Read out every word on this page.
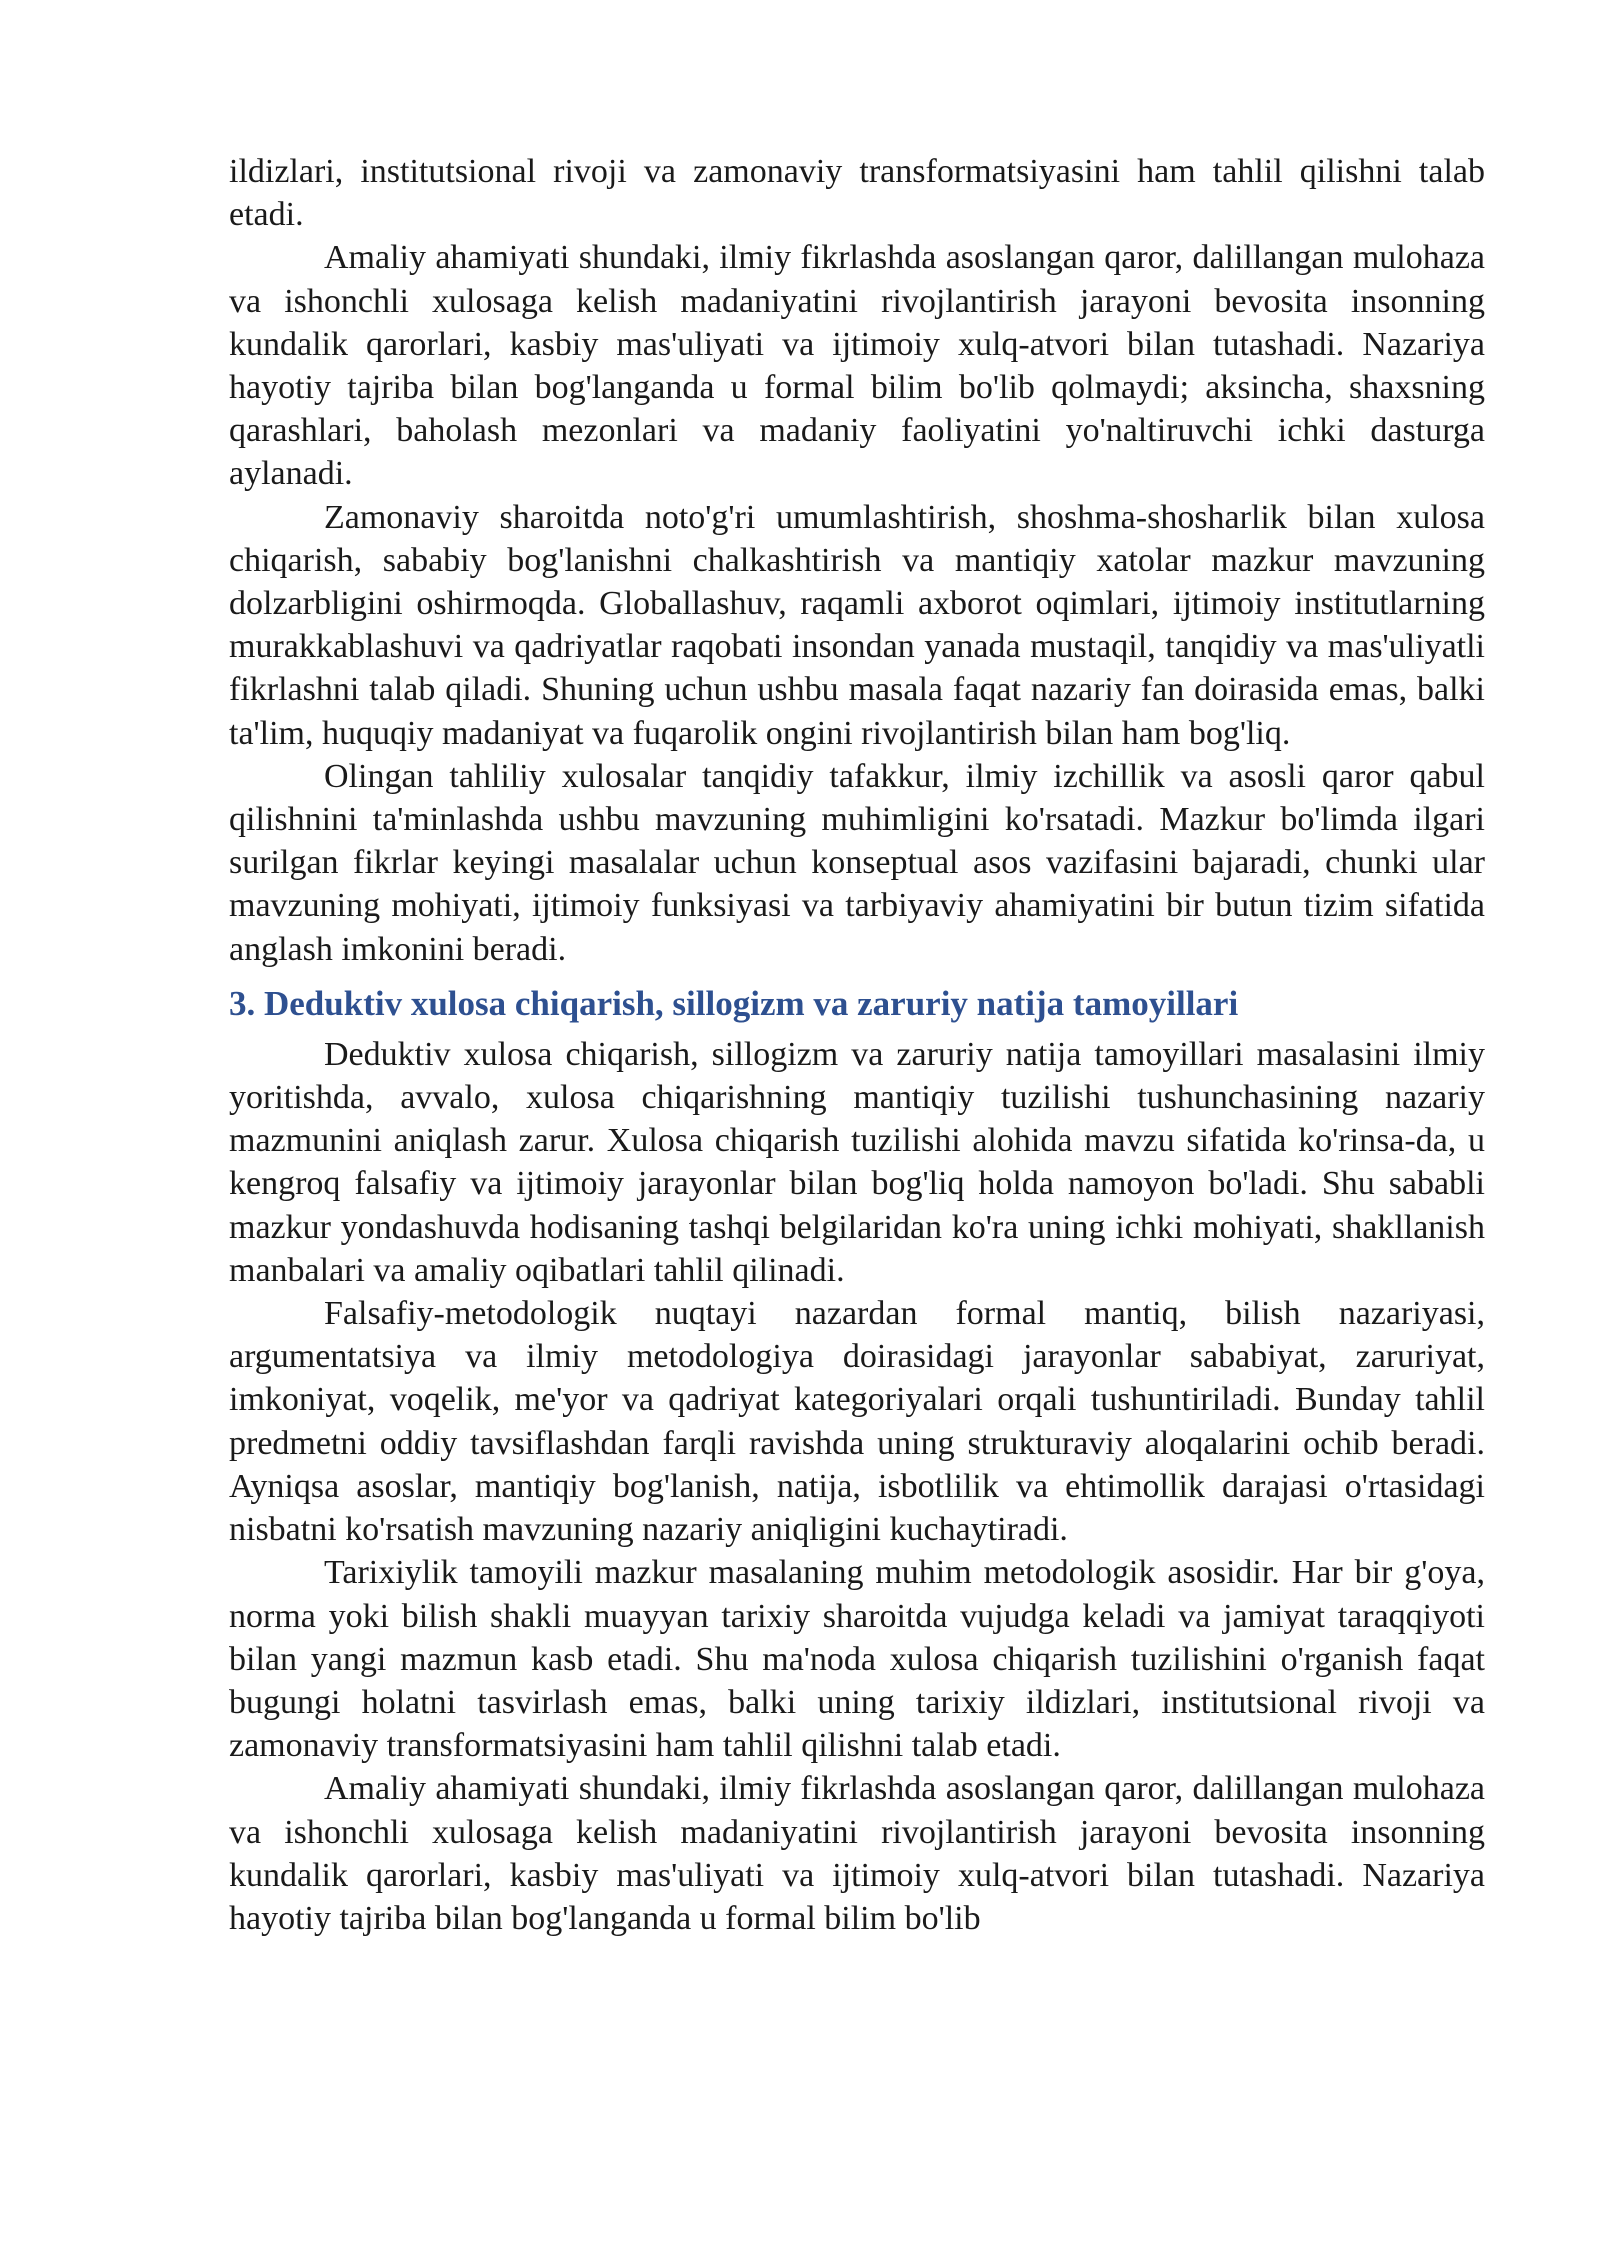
ildizlari, institutsional rivoji va zamonaviy transformatsiyasini ham tahlil qilishni talab etadi.

Amaliy ahamiyati shundaki, ilmiy fikrlashda asoslangan qaror, dalillangan mulohaza va ishonchli xulosaga kelish madaniyatini rivojlantirish jarayoni bevosita insonning kundalik qarorlari, kasbiy mas'uliyati va ijtimoiy xulq-atvori bilan tutashadi. Nazariya hayotiy tajriba bilan bog'langanda u formal bilim bo'lib qolmaydi; aksincha, shaxsning qarashlari, baholash mezonlari va madaniy faoliyatini yo'naltiruvchi ichki dasturga aylanadi.

Zamonaviy sharoitda noto'g'ri umumlashtirish, shoshma-shosharlik bilan xulosa chiqarish, sababiy bog'lanishni chalkashtirish va mantiqiy xatolar mazkur mavzuning dolzarbligini oshirmoqda. Globallashuv, raqamli axborot oqimlari, ijtimoiy institutlarning murakkablashuvi va qadriyatlar raqobati insondan yanada mustaqil, tanqidiy va mas'uliyatli fikrlashni talab qiladi. Shuning uchun ushbu masala faqat nazariy fan doirasida emas, balki ta'lim, huquqiy madaniyat va fuqarolik ongini rivojlantirish bilan ham bog'liq.

Olingan tahliliy xulosalar tanqidiy tafakkur, ilmiy izchillik va asosli qaror qabul qilishnini ta'minlashda ushbu mavzuning muhimligini ko'rsatadi. Mazkur bo'limda ilgari surilgan fikrlar keyingi masalalar uchun konseptual asos vazifasini bajaradi, chunki ular mavzuning mohiyati, ijtimoiy funksiyasi va tarbiyaviy ahamiyatini bir butun tizim sifatida anglash imkonini beradi.

3. Deduktiv xulosa chiqarish, sillogizm va zaruriy natija tamoyillari

Deduktiv xulosa chiqarish, sillogizm va zaruriy natija tamoyillari masalasini ilmiy yoritishda, avvalo, xulosa chiqarishning mantiqiy tuzilishi tushunchasining nazariy mazmunini aniqlash zarur. Xulosa chiqarish tuzilishi alohida mavzu sifatida ko'rinsa-da, u kengroq falsafiy va ijtimoiy jarayonlar bilan bog'liq holda namoyon bo'ladi. Shu sababli mazkur yondashuvda hodisaning tashqi belgilaridan ko'ra uning ichki mohiyati, shakllanish manbalari va amaliy oqibatlari tahlil qilinadi.

Falsafiy-metodologik nuqtayi nazardan formal mantiq, bilish nazariyasi, argumentatsiya va ilmiy metodologiya doirasidagi jarayonlar sababiyat, zaruriyat, imkoniyat, voqelik, me'yor va qadriyat kategoriyalari orqali tushuntiriladi. Bunday tahlil predmetni oddiy tavsiflashdan farqli ravishda uning strukturaviy aloqalarini ochib beradi. Ayniqsa asoslar, mantiqiy bog'lanish, natija, isbotlilik va ehtimollik darajasi o'rtasidagi nisbatni ko'rsatish mavzuning nazariy aniqligini kuchaytiradi.

Tarixiylik tamoyili mazkur masalaning muhim metodologik asosidir. Har bir g'oya, norma yoki bilish shakli muayyan tarixiy sharoitda vujudga keladi va jamiyat taraqqiyoti bilan yangi mazmun kasb etadi. Shu ma'noda xulosa chiqarish tuzilishini o'rganish faqat bugungi holatni tasvirlash emas, balki uning tarixiy ildizlari, institutsional rivoji va zamonaviy transformatsiyasini ham tahlil qilishni talab etadi.

Amaliy ahamiyati shundaki, ilmiy fikrlashda asoslangan qaror, dalillangan mulohaza va ishonchli xulosaga kelish madaniyatini rivojlantirish jarayoni bevosita insonning kundalik qarorlari, kasbiy mas'uliyati va ijtimoiy xulq-atvori bilan tutashadi. Nazariya hayotiy tajriba bilan bog'langanda u formal bilim bo'lib
